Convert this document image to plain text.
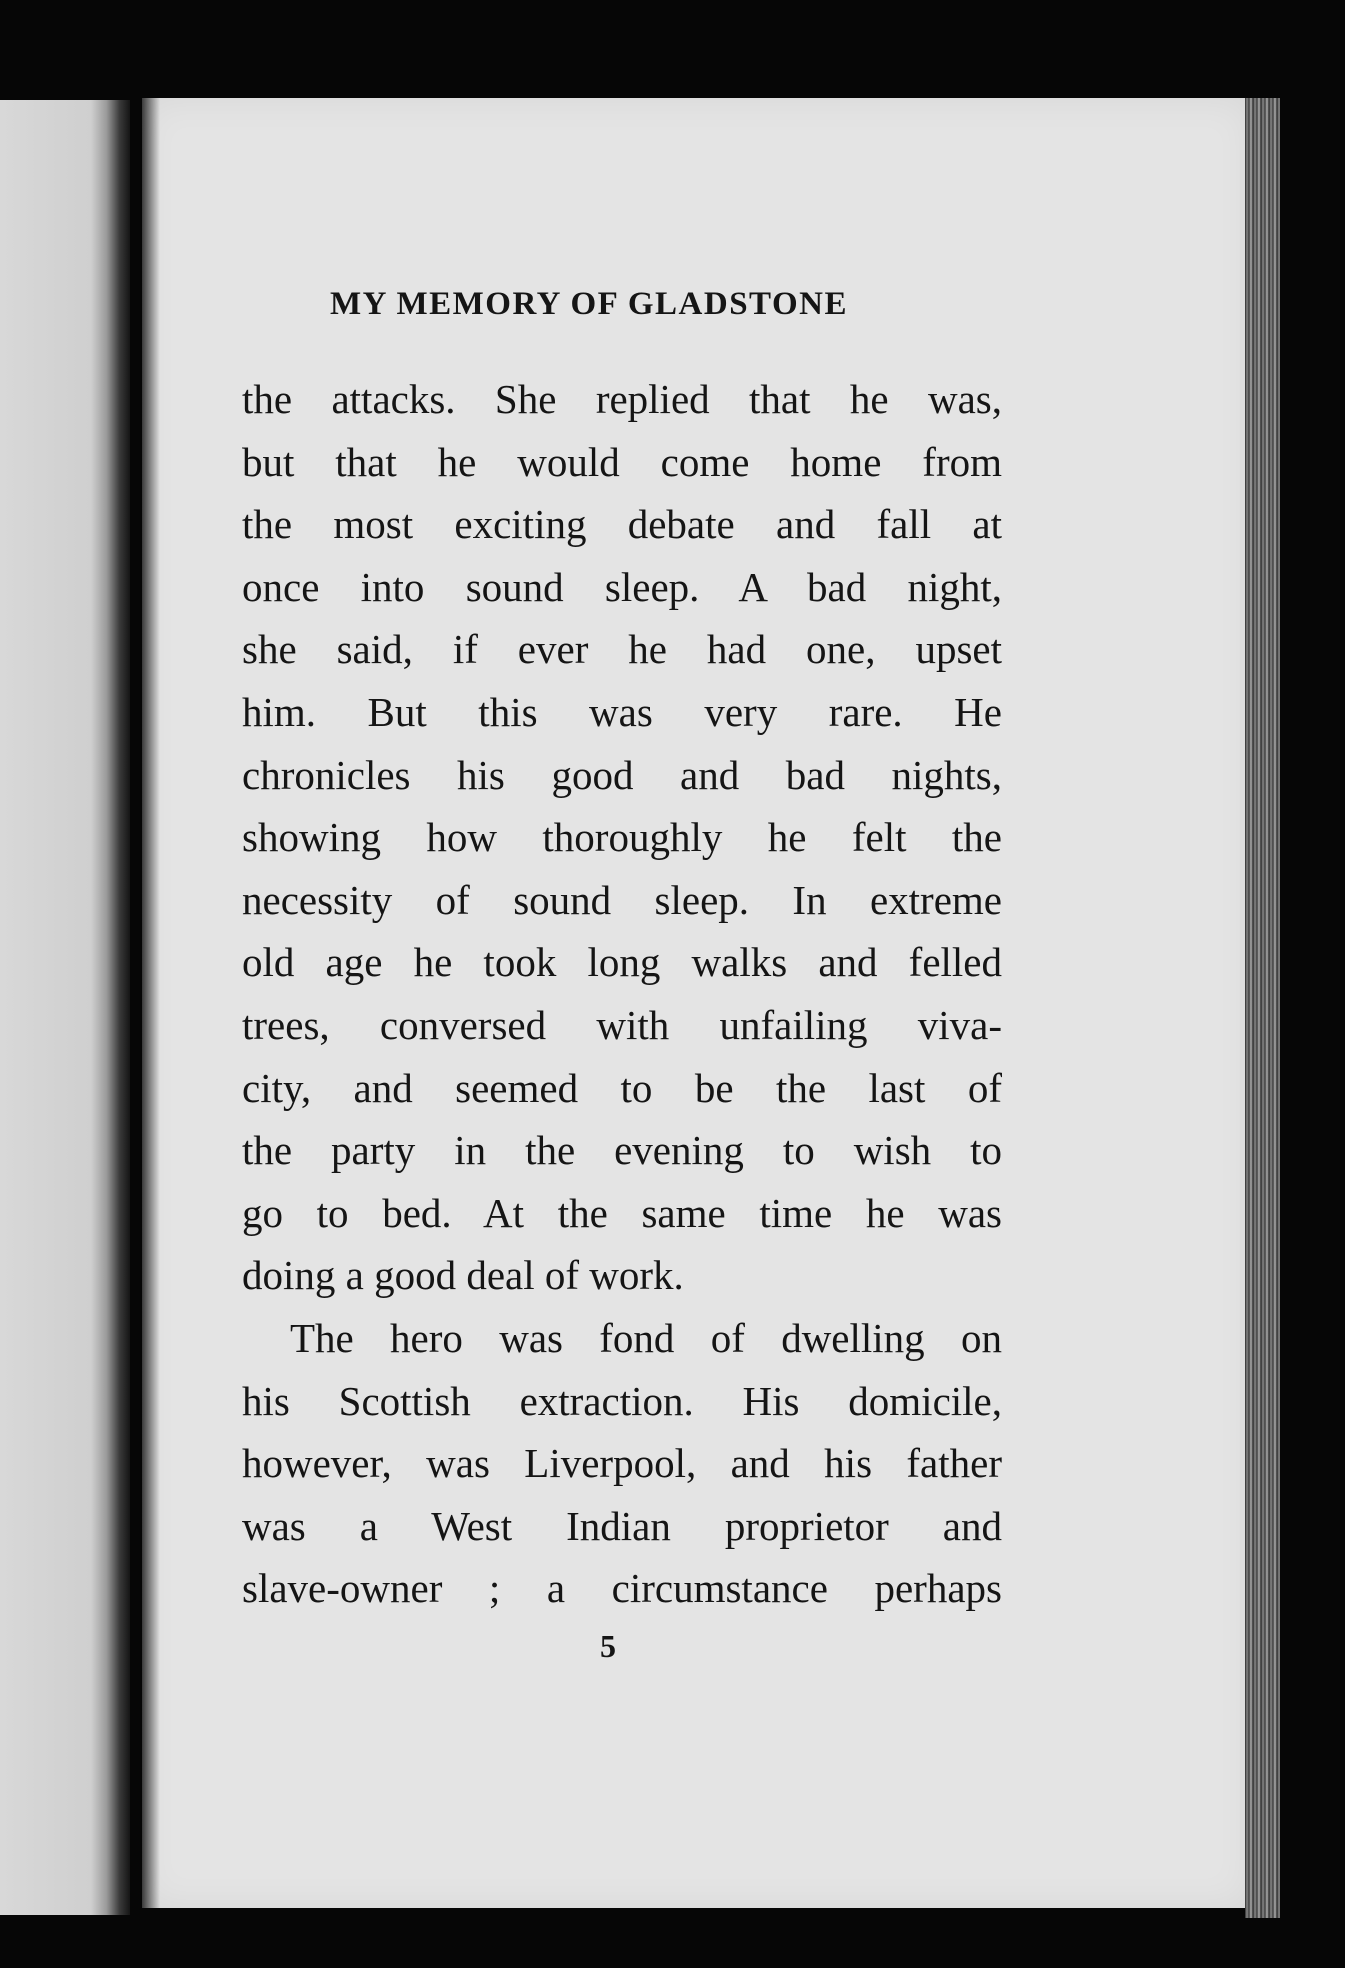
MY MEMORY OF GLADSTONE
the attacks. She replied that he was,
but that he would come home from
the most exciting debate and fall at
once into sound sleep. A bad night,
she said, if ever he had one, upset
him. But this was very rare. He
chronicles his good and bad nights,
showing how thoroughly he felt the
necessity of sound sleep. In extreme
old age he took long walks and felled
trees, conversed with unfailing viva-
city, and seemed to be the last of
the party in the evening to wish to
go to bed. At the same time he was
doing a good deal of work.
The hero was fond of dwelling on
his Scottish extraction. His domicile,
however, was Liverpool, and his father
was a West Indian proprietor and
slave-owner ; a circumstance perhaps
5
